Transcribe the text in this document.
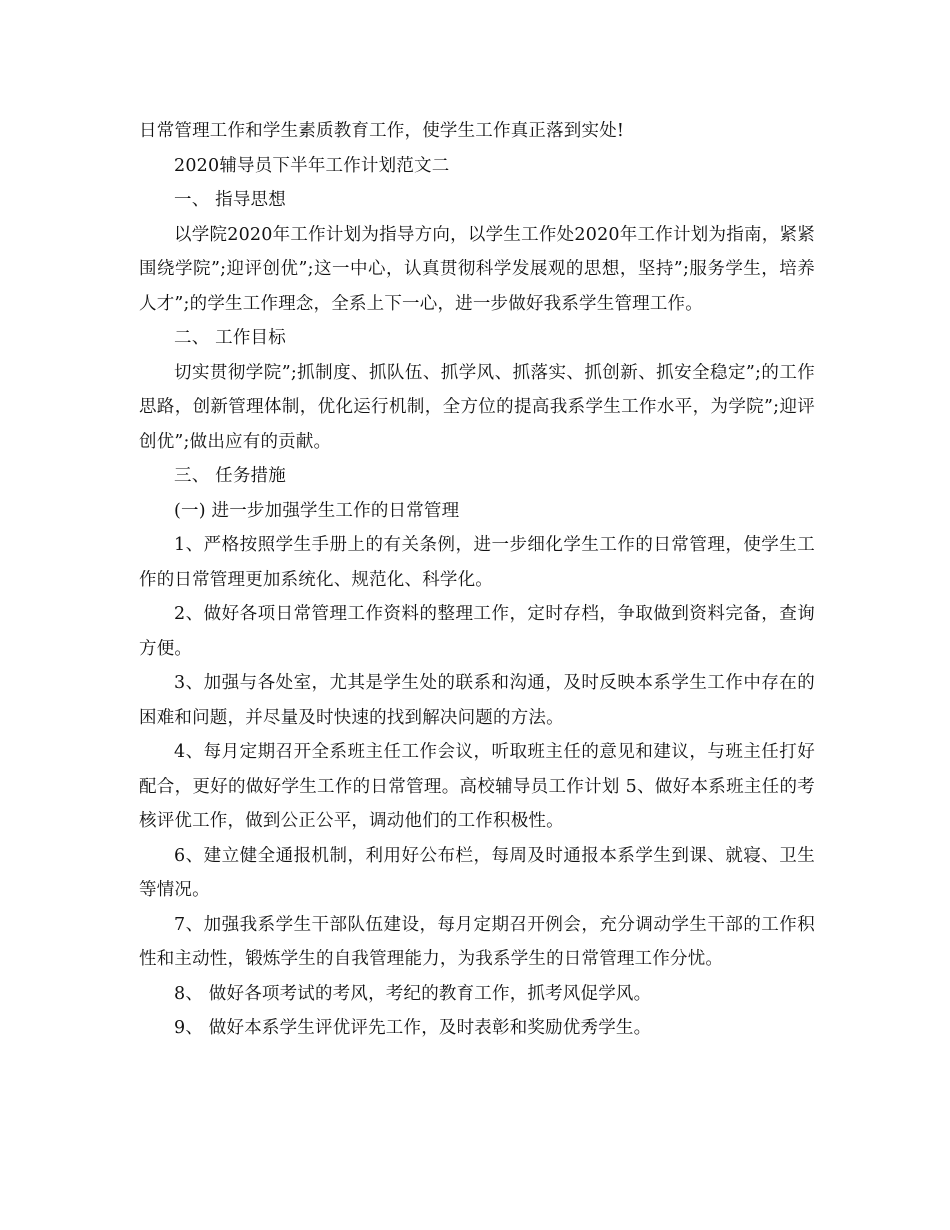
日常管理工作和学生素质教育工作，使学生工作真正落到实处!

2020辅导员下半年工作计划范文二

一、 指导思想

以学院2020年工作计划为指导方向，以学生工作处2020年工作计划为指南，紧紧围绕学院”;迎评创优”;这一中心，认真贯彻科学发展观的思想，坚持”;服务学生，培养人才”;的学生工作理念，全系上下一心，进一步做好我系学生管理工作。

二、 工作目标

切实贯彻学院”;抓制度、抓队伍、抓学风、抓落实、抓创新、抓安全稳定”;的工作思路，创新管理体制，优化运行机制，全方位的提高我系学生工作水平，为学院”;迎评创优”;做出应有的贡献。

三、 任务措施

(一) 进一步加强学生工作的日常管理

1、严格按照学生手册上的有关条例，进一步细化学生工作的日常管理，使学生工作的日常管理更加系统化、规范化、科学化。

2、做好各项日常管理工作资料的整理工作，定时存档，争取做到资料完备，查询方便。

3、加强与各处室，尤其是学生处的联系和沟通，及时反映本系学生工作中存在的困难和问题，并尽量及时快速的找到解决问题的方法。

4、每月定期召开全系班主任工作会议，听取班主任的意见和建议，与班主任打好配合，更好的做好学生工作的日常管理。高校辅导员工作计划 5、做好本系班主任的考核评优工作，做到公正公平，调动他们的工作积极性。

6、建立健全通报机制，利用好公布栏，每周及时通报本系学生到课、就寝、卫生等情况。

7、加强我系学生干部队伍建设，每月定期召开例会，充分调动学生干部的工作积性和主动性，锻炼学生的自我管理能力，为我系学生的日常管理工作分忧。

8、 做好各项考试的考风，考纪的教育工作，抓考风促学风。

9、 做好本系学生评优评先工作，及时表彰和奖励优秀学生。
